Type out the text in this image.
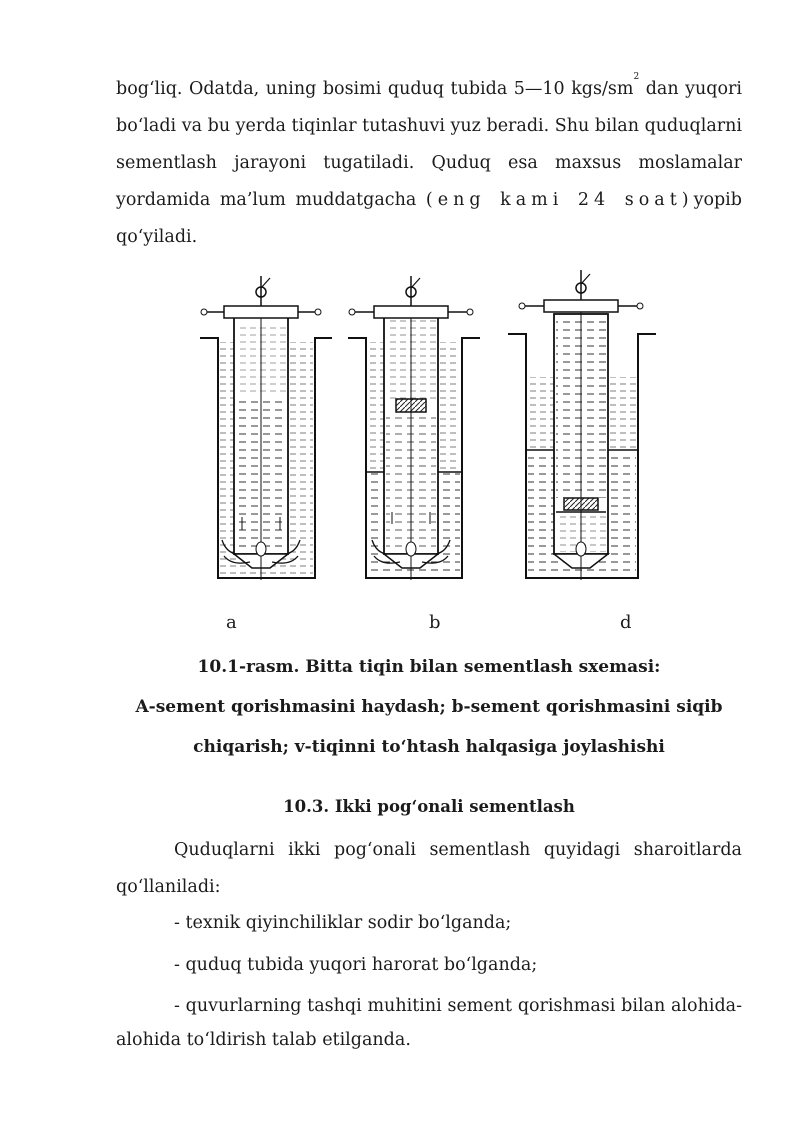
bog‘liq. Odatda, uning bosimi quduq tubida 5—10 kgs/$sm^2$ dan yuqori
bo‘ladi va bu yerda tiqinlar tutashuvi yuz beradi. Shu bilan quduqlarni
sementlash jarayoni tugatiladi. Quduq esa maxsus moslamalar
yordamida ma’lum muddatgacha (eng kami 24 soat)yopib
qo‘yiladi.
a	b	d
10.1-rasm. Bitta tiqin bilan sementlash sxemasi:
A-sement qorishmasini haydash; b-sement qorishmasini siqib
chiqarish; v-tiqinni to‘htash halqasiga joylashishi
10.3. Ikki pog‘onali sementlash
Quduqlarni ikki pog‘onali sementlash quyidagi sharoitlarda
qo‘llaniladi:
- texnik qiyinchiliklar sodir bo‘lganda;
- quduq tubida yuqori harorat bo‘lganda;
- quvurlarning tashqi muhitini sement qorishmasi bilan alohida-
alohida to‘ldirish talab etilganda.
